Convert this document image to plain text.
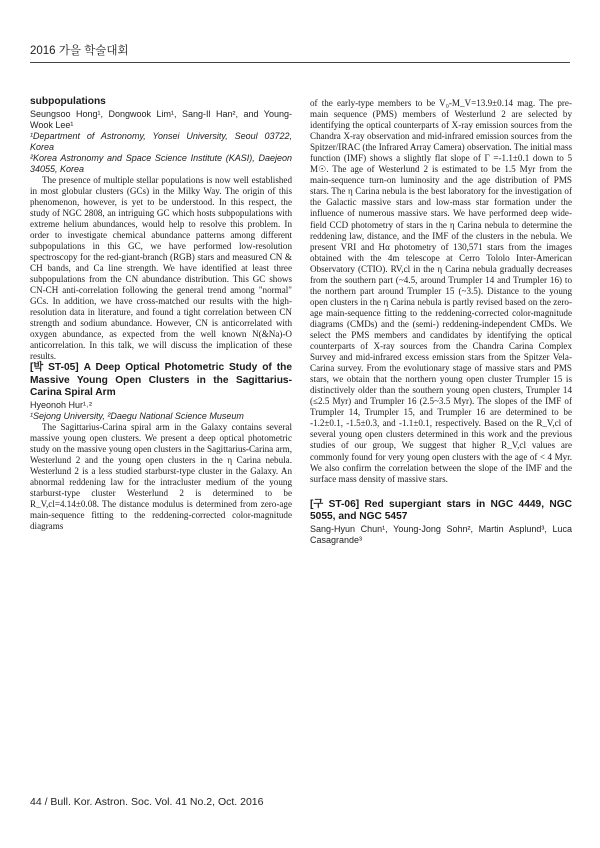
2016 가을 학술대회

subpopulations

Seungsoo Hong¹, Dongwook Lim¹, Sang-Il Han², and Young-Wook Lee¹

¹Department of Astronomy, Yonsei University, Seoul 03722, Korea

²Korea Astronomy and Space Science Institute (KASI), Daejeon 34055, Korea

The presence of multiple stellar populations is now well established in most globular clusters (GCs) in the Milky Way. The origin of this phenomenon, however, is yet to be understood. In this respect, the study of NGC 2808, an intriguing GC which hosts subpopulations with extreme helium abundances, would help to resolve this problem. In order to investigate chemical abundance patterns among different subpopulations in this GC, we have performed low-resolution spectroscopy for the red-giant-branch (RGB) stars and measured CN & CH bands, and Ca line strength. We have identified at least three subpopulations from the CN abundance distribution. This GC shows CN-CH anti-correlation following the general trend among "normal" GCs. In addition, we have cross-matched our results with the high-resolution data in literature, and found a tight correlation between CN strength and sodium abundance. However, CN is anticorrelated with oxygen abundance, as expected from the well known N(&Na)-O anticorrelation. In this talk, we will discuss the implication of these results.

[박 ST-05] A Deep Optical Photometric Study of the Massive Young Open Clusters in the Sagittarius-Carina Spiral Arm

Hyeonoh Hur¹˒²

¹Sejong University, ²Daegu National Science Museum

The Sagittarius-Carina spiral arm in the Galaxy contains several massive young open clusters. We present a deep optical photometric study on the massive young open clusters in the Sagittarius-Carina arm, Westerlund 2 and the young open clusters in the η Carina nebula. Westerlund 2 is a less studied starburst-type cluster in the Galaxy. An abnormal reddening law for the intracluster medium of the young starburst-type cluster Westerlund 2 is determined to be R_V,cl=4.14±0.08. The distance modulus is determined from zero-age main-sequence fitting to the reddening-corrected color-magnitude diagrams

of the early-type members to be V₀-M_V=13.9±0.14 mag. The pre-main sequence (PMS) members of Westerlund 2 are selected by identifying the optical counterparts of X-ray emission sources from the Chandra X-ray observation and mid-infrared emission sources from the Spitzer/IRAC (the Infrared Array Camera) observation. The initial mass function (IMF) shows a slightly flat slope of Γ =-1.1±0.1 down to 5 M☉. The age of Westerlund 2 is estimated to be 1.5 Myr from the main-sequence turn-on luminosity and the age distribution of PMS stars. The η Carina nebula is the best laboratory for the investigation of the Galactic massive stars and low-mass star formation under the influence of numerous massive stars. We have performed deep wide-field CCD photometry of stars in the η Carina nebula to determine the reddening law, distance, and the IMF of the clusters in the nebula. We present VRI and Hα photometry of 130,571 stars from the images obtained with the 4m telescope at Cerro Tololo Inter-American Observatory (CTIO). RV,cl in the η Carina nebula gradually decreases from the southern part (~4.5, around Trumpler 14 and Trumpler 16) to the northern part around Trumpler 15 (~3.5). Distance to the young open clusters in the η Carina nebula is partly revised based on the zero-age main-sequence fitting to the reddening-corrected color-magnitude diagrams (CMDs) and the (semi-) reddening-independent CMDs. We select the PMS members and candidates by identifying the optical counterparts of X-ray sources from the Chandra Carina Complex Survey and mid-infrared excess emission stars from the Spitzer Vela-Carina survey. From the evolutionary stage of massive stars and PMS stars, we obtain that the northern young open cluster Trumpler 15 is distinctively older than the southern young open clusters, Trumpler 14 (≤2.5 Myr) and Trumpler 16 (2.5~3.5 Myr). The slopes of the IMF of Trumpler 14, Trumpler 15, and Trumpler 16 are determined to be -1.2±0.1, -1.5±0.3, and -1.1±0.1, respectively. Based on the R_V,cl of several young open clusters determined in this work and the previous studies of our group, We suggest that higher R_V,cl values are commonly found for very young open clusters with the age of < 4 Myr. We also confirm the correlation between the slope of the IMF and the surface mass density of massive stars.

[구 ST-06] Red supergiant stars in NGC 4449, NGC 5055, and NGC 5457

Sang-Hyun Chun¹, Young-Jong Sohn², Martin Asplund³, Luca Casagrande³

44 / Bull. Kor. Astron. Soc. Vol. 41 No.2, Oct. 2016
